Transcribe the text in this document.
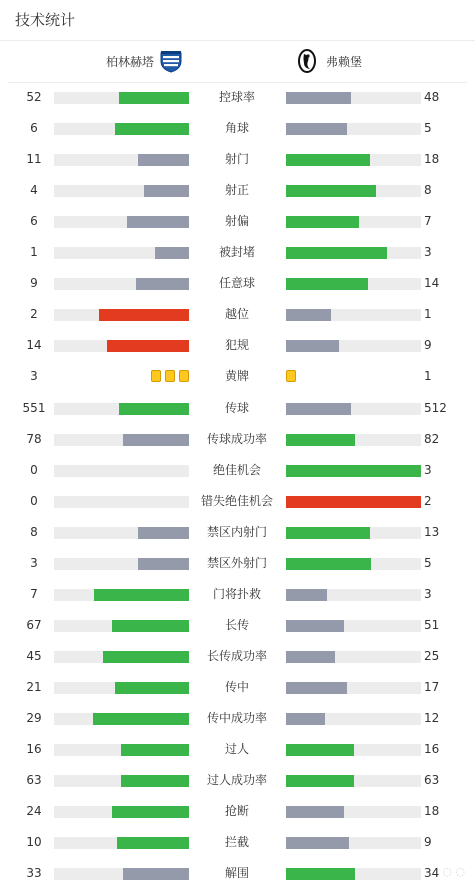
技术统计
柏林赫塔	弗赖堡
52	控球率	48
6	角球	5
11	射门	18
4	射正	8
6	射偏	7
1	被封堵	3
9	任意球	14
2	越位	1
14	犯规	9
3	黄牌	1
551	传球	512
78	传球成功率	82
0	绝佳机会	3
0	错失绝佳机会	2
8	禁区内射门	13
3	禁区外射门	5
7	门将扑救	3
67	长传	51
45	长传成功率	25
21	传中	17
29	传中成功率	12
16	过人	16
63	过人成功率	63
24	抢断	18
10	拦截	9
33	解围	34 ◌ ◌
